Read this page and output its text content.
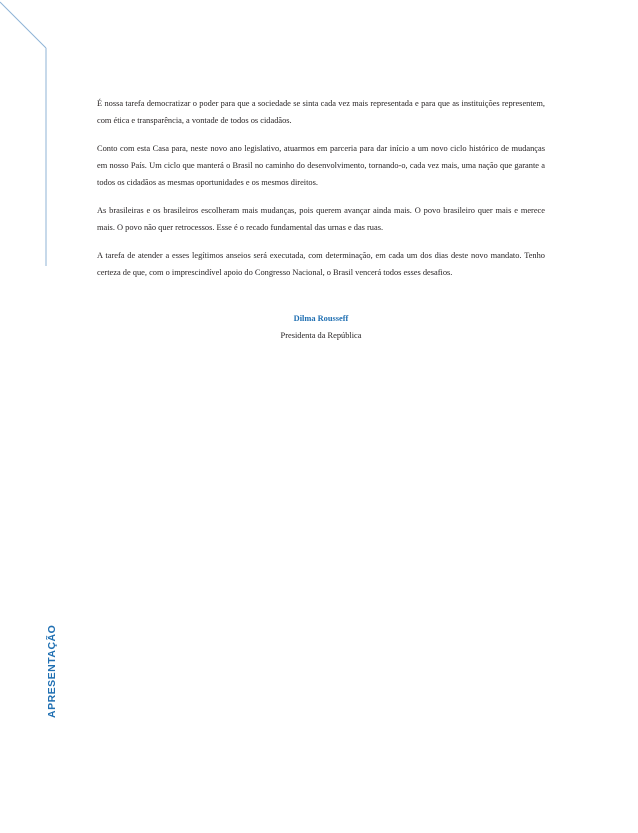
APRESENTAÇÃO

É nossa tarefa democratizar o poder para que a sociedade se sinta cada vez mais representada e para que as instituições representem, com ética e transparência, a vontade de todos os cidadãos.

Conto com esta Casa para, neste novo ano legislativo, atuarmos em parceria para dar início a um novo ciclo histórico de mudanças em nosso País. Um ciclo que manterá o Brasil no caminho do desenvolvimento, tornando-o, cada vez mais, uma nação que garante a todos os cidadãos as mesmas oportunidades e os mesmos direitos.

As brasileiras e os brasileiros escolheram mais mudanças, pois querem avançar ainda mais. O povo brasileiro quer mais e merece mais. O povo não quer retrocessos. Esse é o recado fundamental das urnas e das ruas.

A tarefa de atender a esses legítimos anseios será executada, com determinação, em cada um dos dias deste novo mandato. Tenho certeza de que, com o imprescindível apoio do Congresso Nacional, o Brasil vencerá todos esses desafios.

Dilma Rousseff
Presidenta da República
